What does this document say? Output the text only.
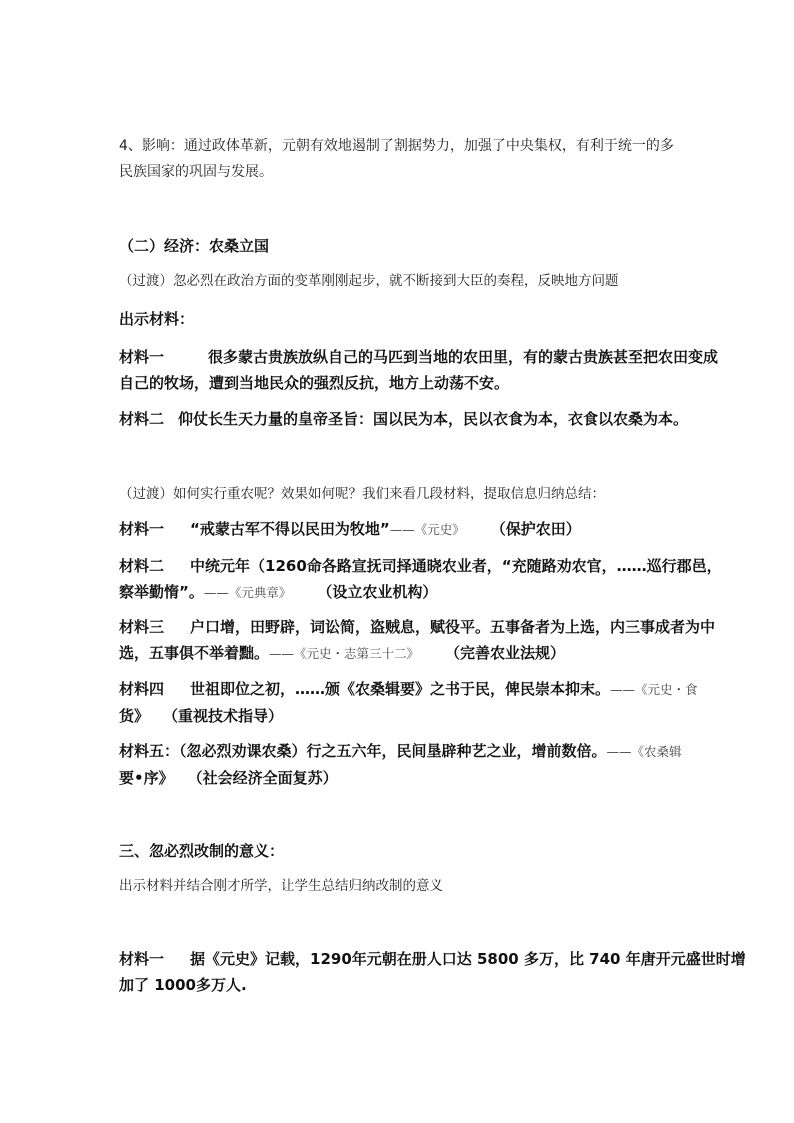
4、影响：通过政体革新，元朝有效地遏制了割据势力，加强了中央集权，有利于统一的多
民族国家的巩固与发展。
（二）经济：农桑立国
（过渡）忽必烈在政治方面的变革刚刚起步，就不断接到大臣的奏程，反映地方问题
出示材料：
材料一	很多蒙古贵族放纵自己的马匹到当地的农田里，有的蒙古贵族甚至把农田变成
自己的牧场，遭到当地民众的强烈反抗，地方上动荡不安。
材料二 仰仗长生天力量的皇帝圣旨：国以民为本，民以衣食为本，衣食以农桑为本。
（过渡）如何实行重农呢？效果如何呢？我们来看几段材料，提取信息归纳总结：
材料一 “戒蒙古军不得以民田为牧地”——《元史》 （保护农田）
材料二 中统元年（1260命各路宣抚司择通晓农业者，“充随路劝农官，……巡行郡邑，
察举勤惰”。——《元典章》 （设立农业机构）
材料三 户口增，田野辟，词讼简，盗贼息，赋役平。五事备者为上选，内三事成者为中
选，五事俱不举着黜。——《元史・志第三十二》 （完善农业法规）
材料四 世祖即位之初，……颁《农桑辑要》之书于民，俾民崇本抑末。——《元史・食
货》 （重视技术指导）
材料五：（忽必烈劝课农桑）行之五六年，民间垦辟种艺之业，增前数倍。——《农桑辑
要•序》 （社会经济全面复苏）
三、忽必烈改制的意义：
出示材料并结合刚才所学，让学生总结归纳改制的意义
材料一 据《元史》记载，1290年元朝在册人口达 5800 多万，比 740 年唐开元盛世时增
加了 1000多万人.
